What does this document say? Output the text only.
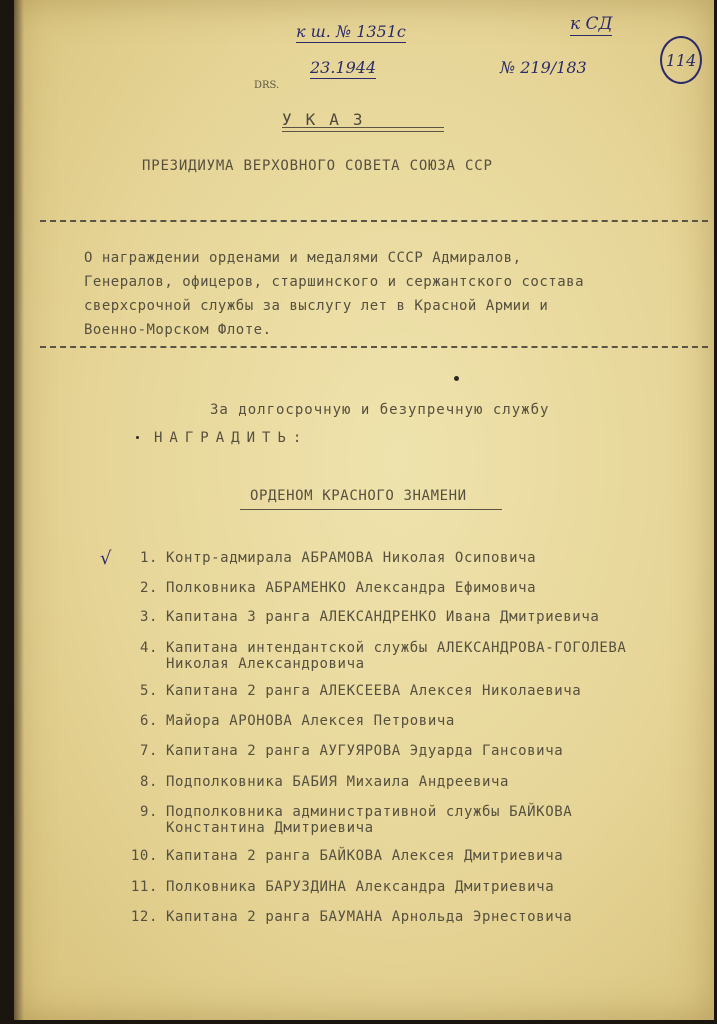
к ш. № 1351с
23.1944
DRS.
№ 219/183
к СД
114
УКАЗ
ПРЕЗИДИУМА ВЕРХОВНОГО СОВЕТА СОЮЗА ССР
О награждении орденами и медалями СССР Адмиралов,
Генералов, офицеров, старшинского и сержантского состава
сверхсрочной службы за выслугу лет в Красной Армии и
Военно-Морском Флоте.
За долгосрочную и безупречную службу
НАГРАДИТЬ:
ОРДЕНОМ КРАСНОГО ЗНАМЕНИ
√	1. Контр-адмирала АБРАМОВА Николая Осиповича
2. Полковника АБРАМЕНКО Александра Ефимовича
3. Капитана 3 ранга АЛЕКСАНДРЕНКО Ивана Дмитриевича
4. Капитана интендантской службы АЛЕКСАНДРОВА-ГОГОЛЕВА
Николая Александровича
5. Капитана 2 ранга АЛЕКСЕЕВА Алексея Николаевича
6. Майора АРОНОВА Алексея Петровича
7. Капитана 2 ранга АУГУЯРОВА Эдуарда Гансовича
8. Подполковника БАБИЯ Михаила Андреевича
9. Подполковника административной службы БАЙКОВА
Константина Дмитриевича
10. Капитана 2 ранга БАЙКОВА Алексея Дмитриевича
11. Полковника БАРУЗДИНА Александра Дмитриевича
12. Капитана 2 ранга БАУМАНА Арнольда Эрнестовича
